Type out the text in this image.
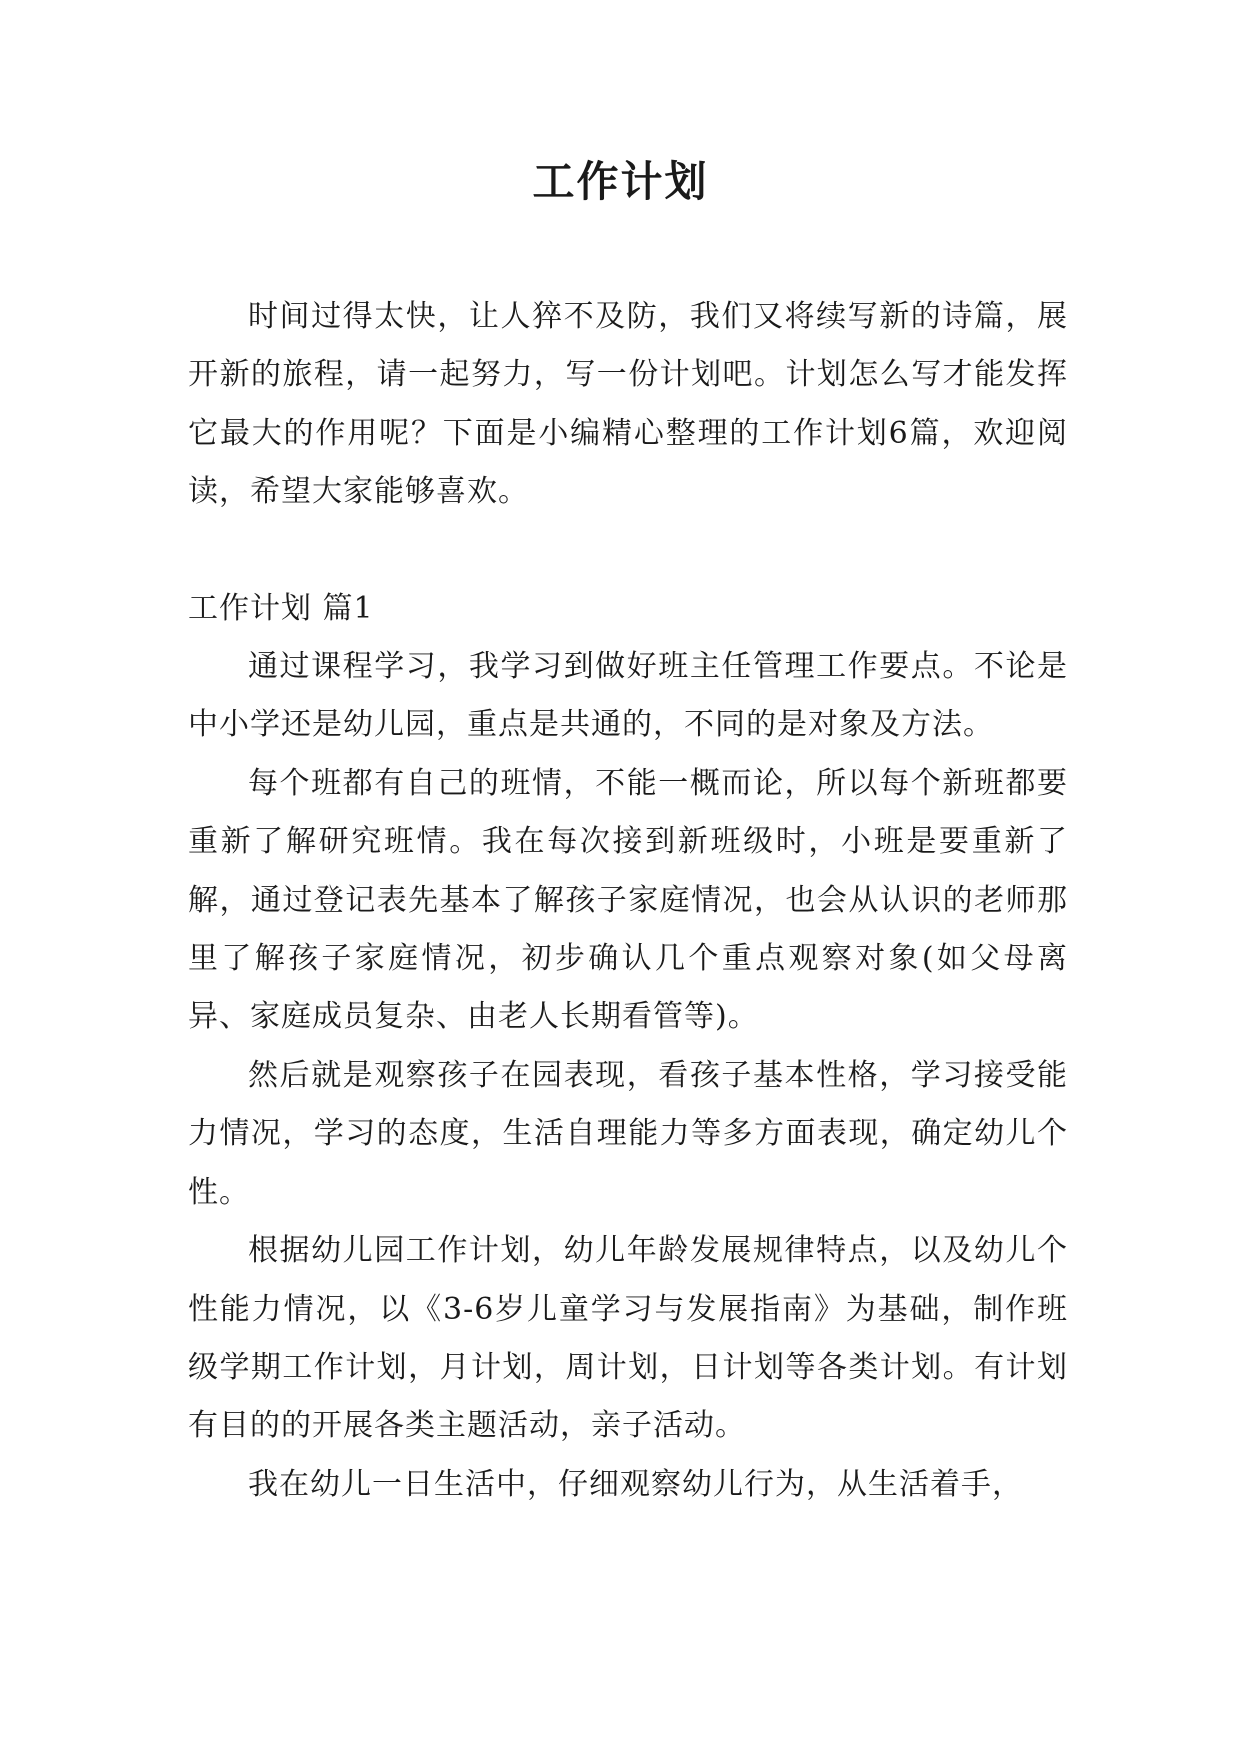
工作计划

时间过得太快，让人猝不及防，我们又将续写新的诗篇，展开新的旅程，请一起努力，写一份计划吧。计划怎么写才能发挥它最大的作用呢？下面是小编精心整理的工作计划6篇，欢迎阅读，希望大家能够喜欢。

工作计划 篇1

通过课程学习，我学习到做好班主任管理工作要点。不论是中小学还是幼儿园，重点是共通的，不同的是对象及方法。

每个班都有自己的班情，不能一概而论，所以每个新班都要重新了解研究班情。我在每次接到新班级时，小班是要重新了解，通过登记表先基本了解孩子家庭情况，也会从认识的老师那里了解孩子家庭情况，初步确认几个重点观察对象(如父母离异、家庭成员复杂、由老人长期看管等)。

然后就是观察孩子在园表现，看孩子基本性格，学习接受能力情况，学习的态度，生活自理能力等多方面表现，确定幼儿个性。

根据幼儿园工作计划，幼儿年龄发展规律特点，以及幼儿个性能力情况，以《3-6岁儿童学习与发展指南》为基础，制作班级学期工作计划，月计划，周计划，日计划等各类计划。有计划有目的的开展各类主题活动，亲子活动。

我在幼儿一日生活中，仔细观察幼儿行为，从生活着手，
